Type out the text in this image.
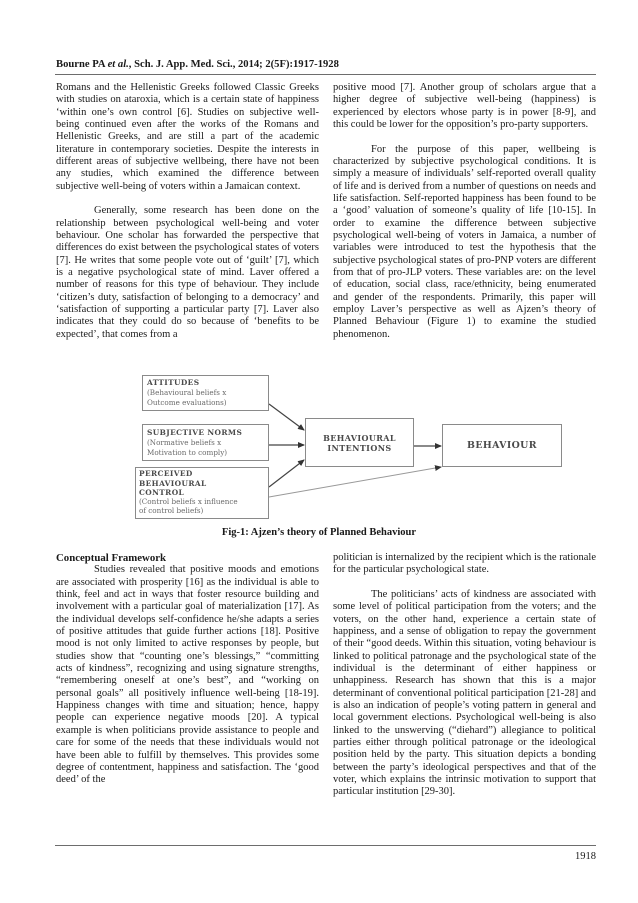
Bourne PA et al., Sch. J. App. Med. Sci., 2014; 2(5F):1917-1928

Romans and the Hellenistic Greeks followed Classic Greeks with studies on ataroxia, which is a certain state of happiness ‘within one’s own control [6]. Studies on subjective well-being continued even after the works of the Romans and Hellenistic Greeks, and are still a part of the academic literature in contemporary societies. Despite the interests in different areas of subjective wellbeing, there have not been any studies, which examined the difference between subjective well-being of voters within a Jamaican context.

Generally, some research has been done on the relationship between psychological well-being and voter behaviour. One scholar has forwarded the perspective that differences do exist between the psychological states of voters [7]. He writes that some people vote out of ‘guilt’ [7], which is a negative psychological state of mind. Laver offered a number of reasons for this type of behaviour. They include ‘citizen’s duty, satisfaction of belonging to a democracy’ and ‘satisfaction of supporting a particular party [7]. Laver also indicates that they could do so because of ‘benefits to be expected’, that comes from a

positive mood [7]. Another group of scholars argue that a higher degree of subjective well-being (happiness) is experienced by electors whose party is in power [8-9], and this could be lower for the opposition’s pro-party supporters.

For the purpose of this paper, wellbeing is characterized by subjective psychological conditions. It is simply a measure of individuals’ self-reported overall quality of life and is derived from a number of questions on needs and life satisfaction. Self-reported happiness has been found to be a ‘good’ valuation of someone’s quality of life [10-15]. In order to examine the difference between subjective psychological well-being of voters in Jamaica, a number of variables were introduced to test the hypothesis that the subjective psychological states of pro-PNP voters are different from that of pro-JLP voters. These variables are: on the level of education, social class, race/ethnicity, being enumerated and gender of the respondents. Primarily, this paper will employ Laver’s perspective as well as Ajzen’s theory of Planned Behaviour (Figure 1) to examine the studied phenomenon.

ATTITUDES
(Behavioural beliefs x
Outcome evaluations)
SUBJECTIVE NORMS
(Normative beliefs x
Motivation to comply)
PERCEIVED
BEHAVIOURAL
CONTROL
(Control beliefs x influence
of control beliefs)
BEHAVIOURAL
INTENTIONS	BEHAVIOUR
Fig-1: Ajzen’s theory of Planned Behaviour
Conceptual Framework

Studies revealed that positive moods and emotions are associated with prosperity [16] as the individual is able to think, feel and act in ways that foster resource building and involvement with a particular goal of materialization [17]. As the individual develops self-confidence he/she adapts a series of positive attitudes that guide further actions [18]. Positive mood is not only limited to active responses by people, but studies show that “counting one’s blessings,” “committing acts of kindness”, recognizing and using signature strengths, “remembering oneself at one’s best”, and “working on personal goals” all positively influence well-being [18-19]. Happiness changes with time and situation; hence, happy people can experience negative moods [20]. A typical example is when politicians provide assistance to people and care for some of the needs that these individuals would not have been able to fulfill by themselves. This provides some degree of contentment, happiness and satisfaction. The ‘good deed’ of the

politician is internalized by the recipient which is the rationale for the particular psychological state.

The politicians’ acts of kindness are associated with some level of political participation from the voters; and the voters, on the other hand, experience a certain state of happiness, and a sense of obligation to repay the government of their “good deeds. Within this situation, voting behaviour is linked to political patronage and the psychological state of the individual is the determinant of either happiness or unhappiness. Research has shown that this is a major determinant of conventional political participation [21-28] and is also an indication of people’s voting pattern in general and local government elections. Psychological well-being is also linked to the unswerving (“diehard”) allegiance to political parties either through political patronage or the ideological position held by the party. This situation depicts a bonding between the party’s ideological perspectives and that of the voter, which explains the intrinsic motivation to support that particular institution [29-30].

1918
